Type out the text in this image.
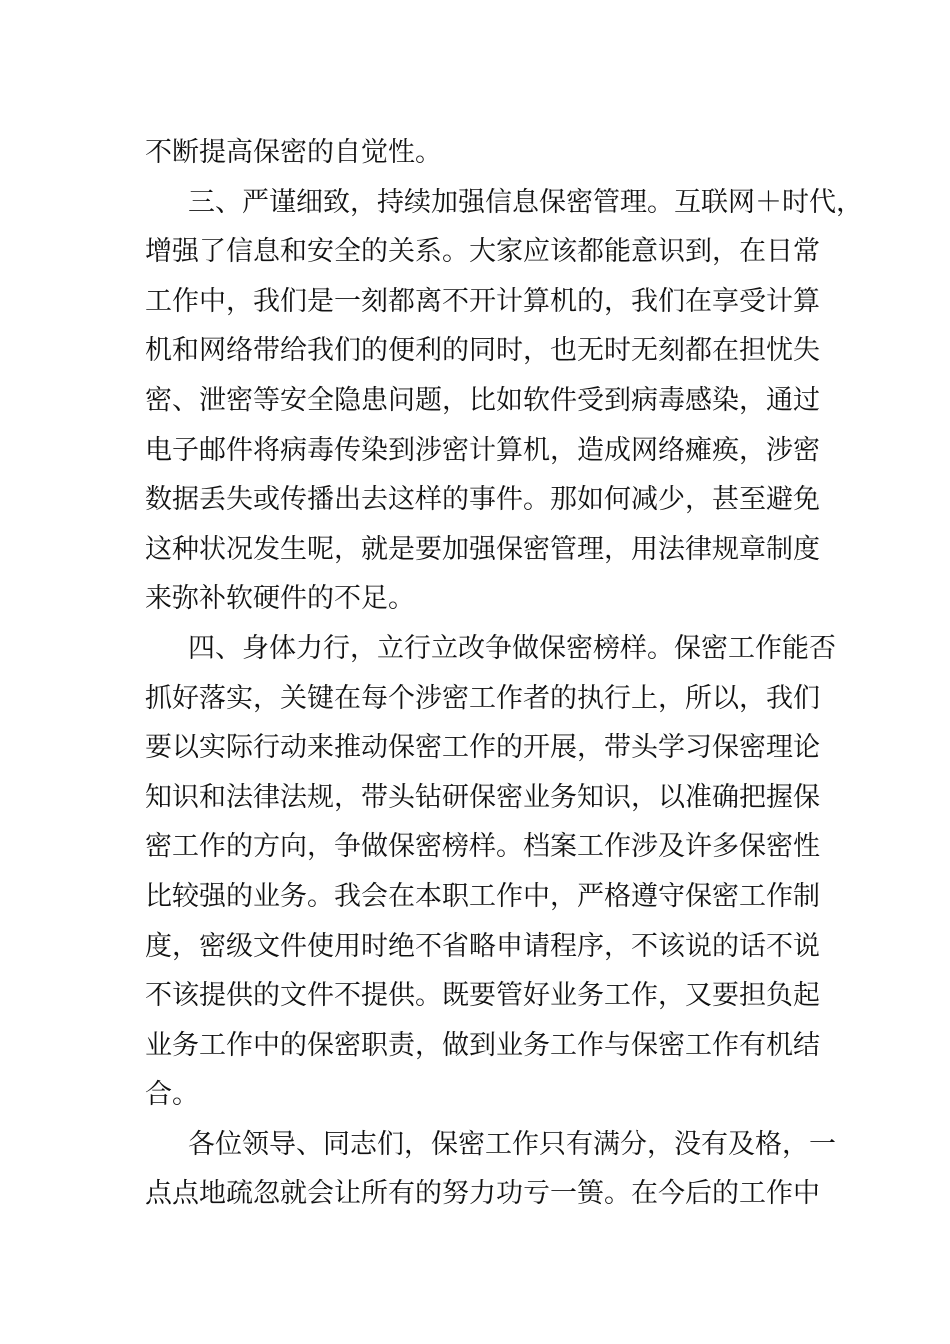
不断提高保密的自觉性。
三、严谨细致，持续加强信息保密管理。互联网＋时代，
增强了信息和安全的关系。大家应该都能意识到，在日常
工作中，我们是一刻都离不开计算机的，我们在享受计算
机和网络带给我们的便利的同时，也无时无刻都在担忧失
密、泄密等安全隐患问题，比如软件受到病毒感染，通过
电子邮件将病毒传染到涉密计算机，造成网络瘫痪，涉密
数据丢失或传播出去这样的事件。那如何减少，甚至避免
这种状况发生呢，就是要加强保密管理，用法律规章制度
来弥补软硬件的不足。
四、身体力行，立行立改争做保密榜样。保密工作能否
抓好落实，关键在每个涉密工作者的执行上，所以，我们
要以实际行动来推动保密工作的开展，带头学习保密理论
知识和法律法规，带头钻研保密业务知识，以准确把握保
密工作的方向，争做保密榜样。档案工作涉及许多保密性
比较强的业务。我会在本职工作中，严格遵守保密工作制
度，密级文件使用时绝不省略申请程序，不该说的话不说
不该提供的文件不提供。既要管好业务工作，又要担负起
业务工作中的保密职责，做到业务工作与保密工作有机结
合。
各位领导、同志们，保密工作只有满分，没有及格，一
点点地疏忽就会让所有的努力功亏一篑。在今后的工作中
